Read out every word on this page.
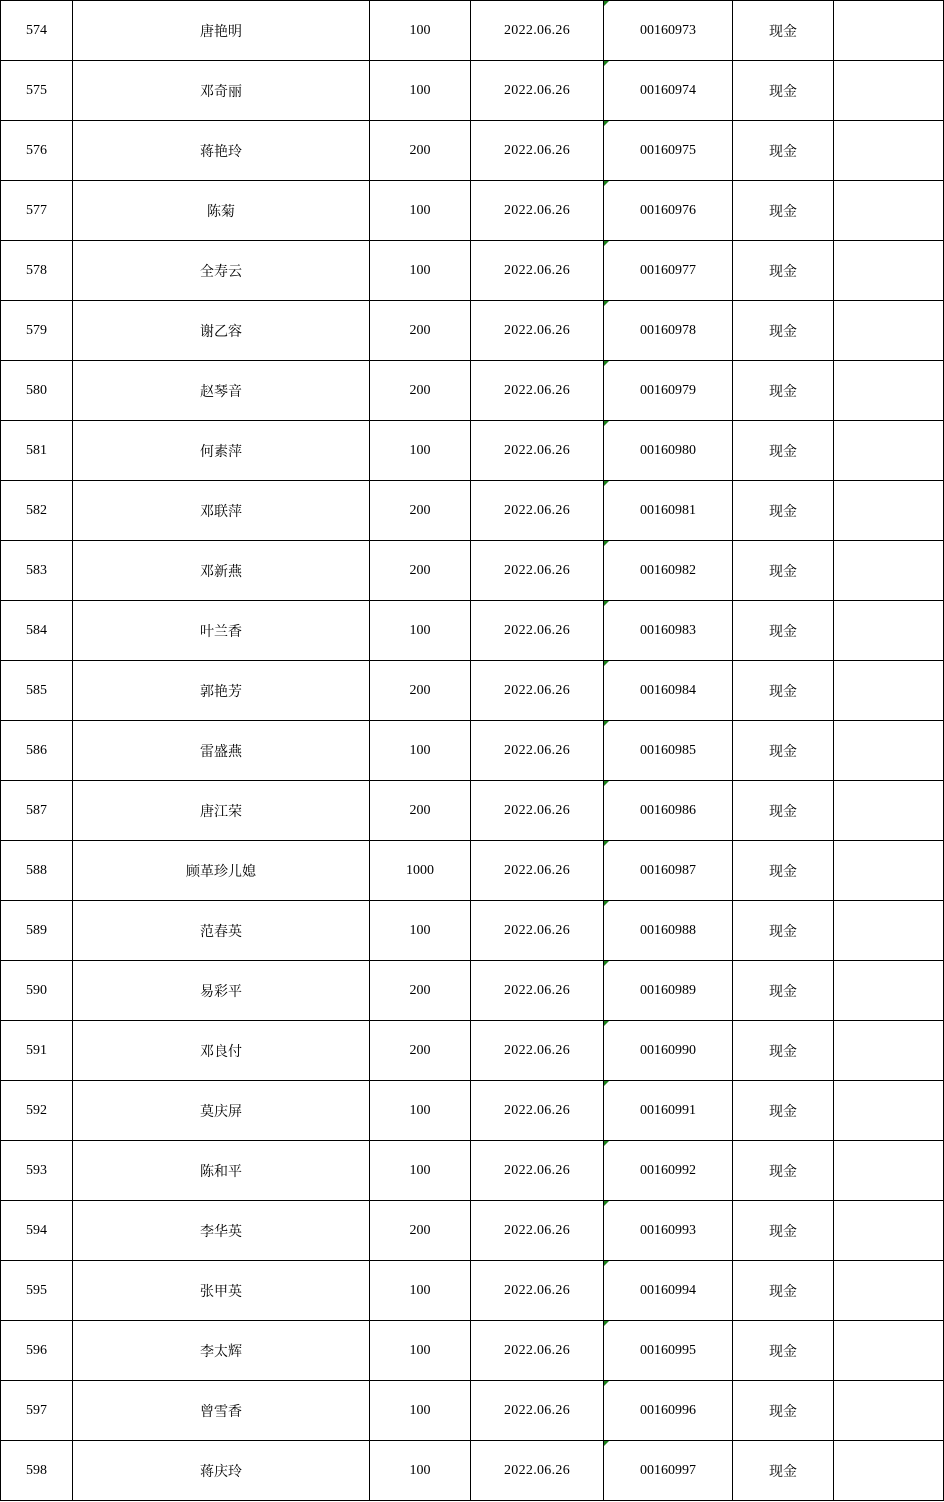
574	唐艳明	100	2022.06.26	00160973	现金	
575	邓奇丽	100	2022.06.26	00160974	现金	
576	蒋艳玲	200	2022.06.26	00160975	现金	
577	陈菊	100	2022.06.26	00160976	现金	
578	全寿云	100	2022.06.26	00160977	现金	
579	谢乙容	200	2022.06.26	00160978	现金	
580	赵琴音	200	2022.06.26	00160979	现金	
581	何素萍	100	2022.06.26	00160980	现金	
582	邓联萍	200	2022.06.26	00160981	现金	
583	邓新燕	200	2022.06.26	00160982	现金	
584	叶兰香	100	2022.06.26	00160983	现金	
585	郭艳芳	200	2022.06.26	00160984	现金	
586	雷盛燕	100	2022.06.26	00160985	现金	
587	唐江荣	200	2022.06.26	00160986	现金	
588	顾革珍儿媳	1000	2022.06.26	00160987	现金	
589	范春英	100	2022.06.26	00160988	现金	
590	易彩平	200	2022.06.26	00160989	现金	
591	邓良付	200	2022.06.26	00160990	现金	
592	莫庆屏	100	2022.06.26	00160991	现金	
593	陈和平	100	2022.06.26	00160992	现金	
594	李华英	200	2022.06.26	00160993	现金	
595	张甲英	100	2022.06.26	00160994	现金	
596	李太辉	100	2022.06.26	00160995	现金	
597	曾雪香	100	2022.06.26	00160996	现金	
598	蒋庆玲	100	2022.06.26	00160997	现金	
